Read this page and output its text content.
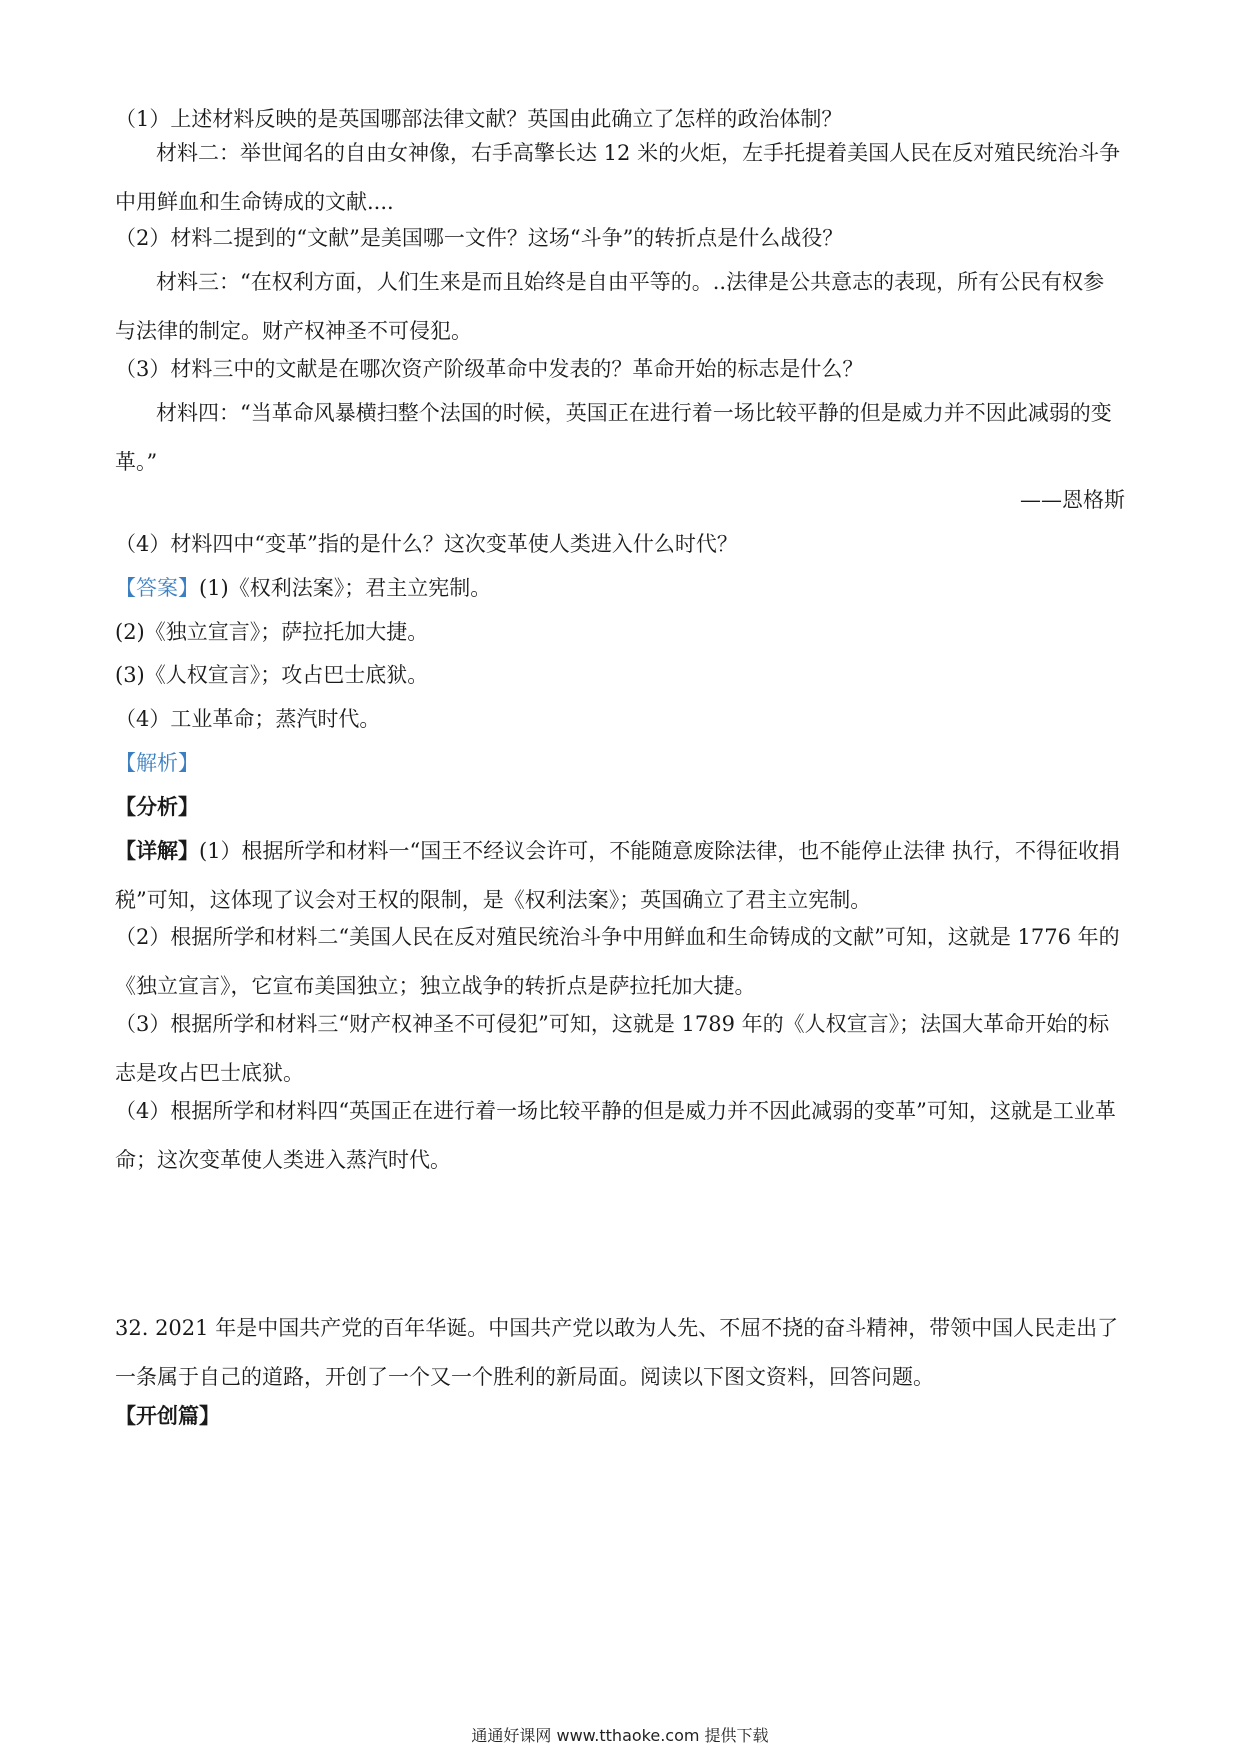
（1）上述材料反映的是英国哪部法律文献？英国由此确立了怎样的政治体制？

材料二：举世闻名的自由女神像，右手高擎长达 12 米的火炬，左手托提着美国人民在反对殖民统治斗争中用鲜血和生命铸成的文献....

（2）材料二提到的“文献”是美国哪一文件？这场“斗争”的转折点是什么战役？

材料三：“在权利方面，人们生来是而且始终是自由平等的。..法律是公共意志的表现，所有公民有权参与法律的制定。财产权神圣不可侵犯。

（3）材料三中的文献是在哪次资产阶级革命中发表的？革命开始的标志是什么？

材料四：“当革命风暴横扫整个法国的时候，英国正在进行着一场比较平静的但是威力并不因此减弱的变革。”

——恩格斯

（4）材料四中“变革”指的是什么？这次变革使人类进入什么时代？

【答案】(1)《权利法案》；君主立宪制。

(2)《独立宣言》；萨拉托加大捷。

(3)《人权宣言》；攻占巴士底狱。

（4）工业革命；蒸汽时代。

【解析】

【分析】

【详解】(1）根据所学和材料一“国王不经议会许可，不能随意废除法律，也不能停止法律 执行，不得征收捐税”可知，这体现了议会对王权的限制，是《权利法案》；英国确立了君主立宪制。

（2）根据所学和材料二“美国人民在反对殖民统治斗争中用鲜血和生命铸成的文献”可知，这就是 1776 年的《独立宣言》，它宣布美国独立；独立战争的转折点是萨拉托加大捷。

（3）根据所学和材料三“财产权神圣不可侵犯”可知，这就是 1789 年的《人权宣言》；法国大革命开始的标志是攻占巴士底狱。

（4）根据所学和材料四“英国正在进行着一场比较平静的但是威力并不因此减弱的变革”可知，这就是工业革命；这次变革使人类进入蒸汽时代。

32. 2021 年是中国共产党的百年华诞。中国共产党以敢为人先、不屈不挠的奋斗精神，带领中国人民走出了一条属于自己的道路，开创了一个又一个胜利的新局面。阅读以下图文资料，回答问题。

【开创篇】

通通好课网 www.tthaoke.com 提供下载
